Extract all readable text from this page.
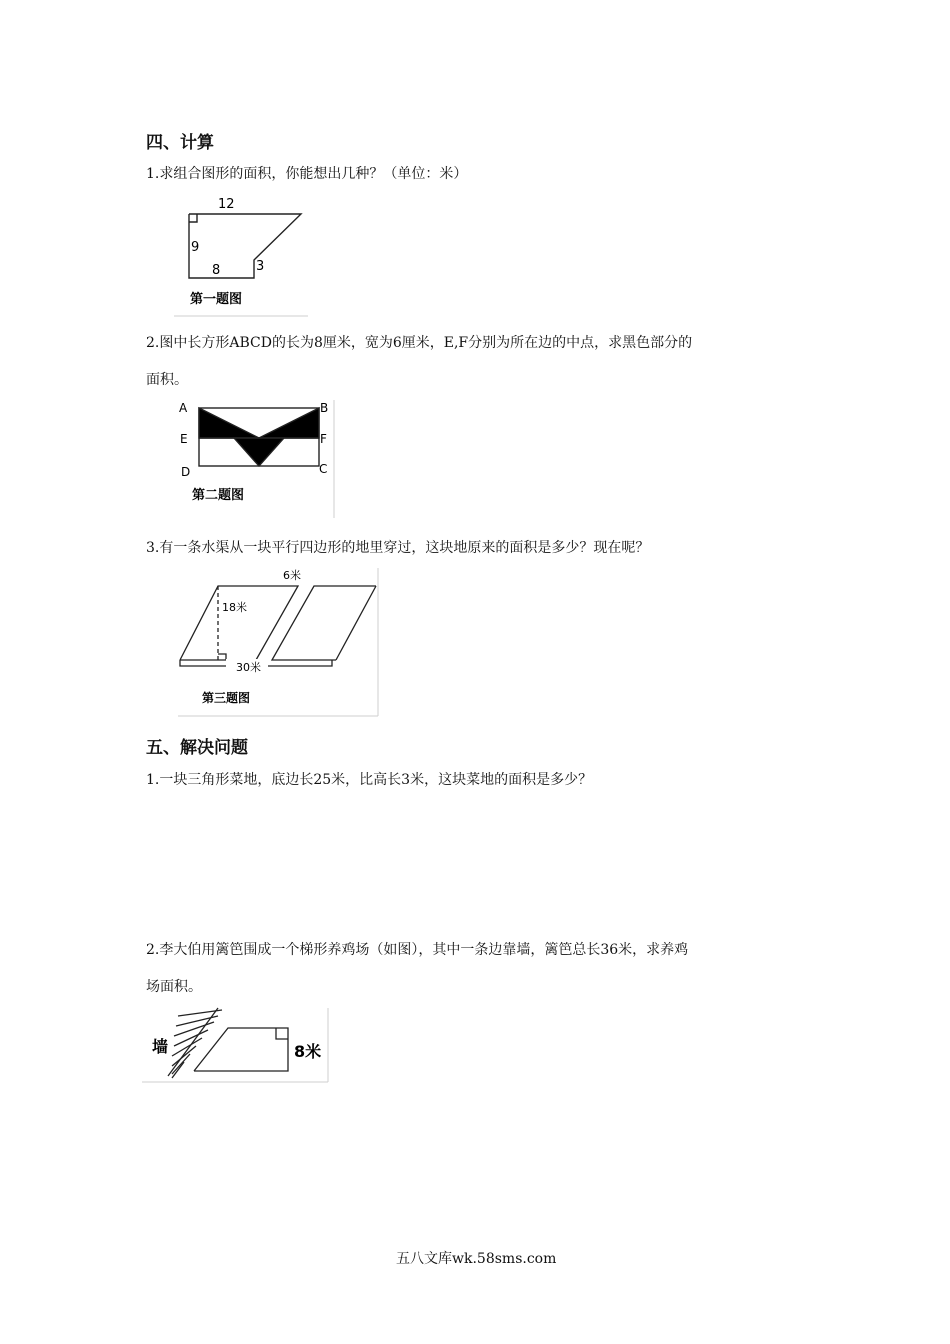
四、计算
1.求组合图形的面积，你能想出几种？（单位：米）
12
9
8	3
第一题图
2.图中长方形ABCD的长为8厘米，宽为6厘米，E,F分别为所在边的中点，求黑色部分的
面积。
A	B
E	F
D	C
第二题图
3.有一条水渠从一块平行四边形的地里穿过，这块地原来的面积是多少？现在呢？
6米
18米
30米
第三题图
五、解决问题
1.一块三角形菜地，底边长25米，比高长3米，这块菜地的面积是多少？
2.李大伯用篱笆围成一个梯形养鸡场（如图），其中一条边靠墙，篱笆总长36米，求养鸡
场面积。
墙	8米
五八文库wk.58sms.com
